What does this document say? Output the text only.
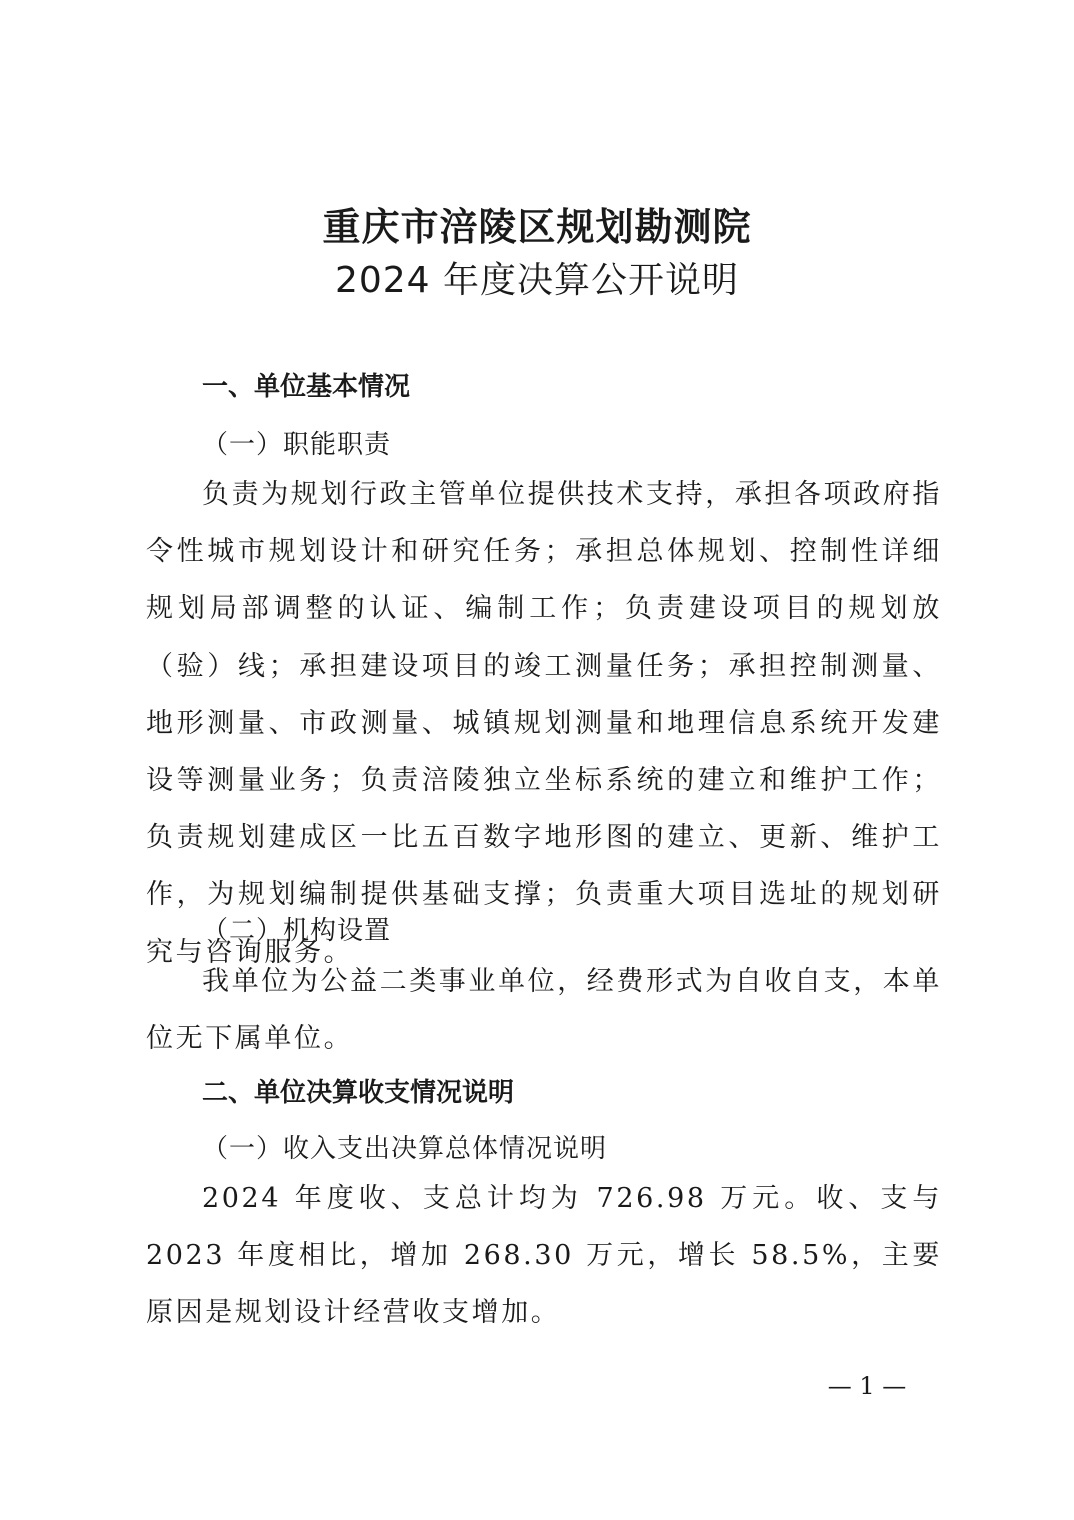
重庆市涪陵区规划勘测院
2024 年度决算公开说明
一、单位基本情况
（一）职能职责
负责为规划行政主管单位提供技术支持，承担各项政府指令性城市规划设计和研究任务；承担总体规划、控制性详细规划局部调整的认证、编制工作；负责建设项目的规划放（验）线；承担建设项目的竣工测量任务；承担控制测量、地形测量、市政测量、城镇规划测量和地理信息系统开发建设等测量业务；负责涪陵独立坐标系统的建立和维护工作；负责规划建成区一比五百数字地形图的建立、更新、维护工作，为规划编制提供基础支撑；负责重大项目选址的规划研究与咨询服务。
（二）机构设置
我单位为公益二类事业单位，经费形式为自收自支，本单位无下属单位。
二、单位决算收支情况说明
（一）收入支出决算总体情况说明
2024 年度收、支总计均为 726.98 万元。收、支与 2023 年度相比，增加 268.30 万元，增长 58.5%，主要原因是规划设计经营收支增加。
— 1 —
